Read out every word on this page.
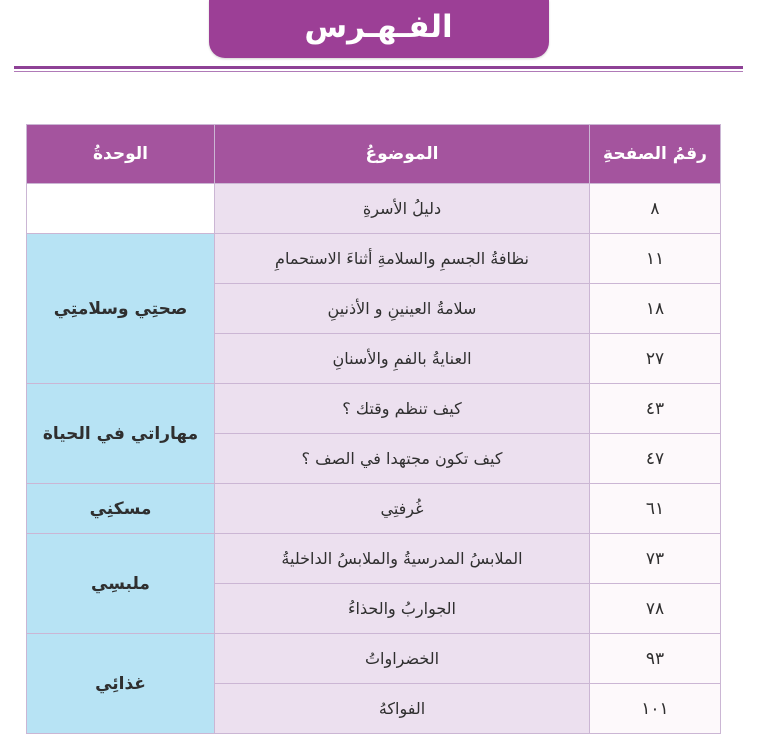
الفـهـرس
رقمُ الصفحةِ	الموضوعُ	الوحدةُ
٨	دليلُ الأسرةِ	
١١	نظافةُ الجسمِ والسلامةِ أثناءَ الاستحمامِ	صحتِي وسلامتِي
١٨	سلامةُ العينينِ و الأذنينِ	
٢٧	العنايةُ بالفمِ والأسنانِ	
٤٣	كيف تنظم وقتك ؟	مهاراتي في الحياة
٤٧	كيف تكون مجتهدا في الصف ؟	
٦١	غُرفتِي	مسكنِي
٧٣	الملابسُ المدرسيةُ والملابسُ الداخليةُ	ملبسِي
٧٨	الجواربُ والحذاءُ	
٩٣	الخضراواتُ	غذائِي
١٠١	الفواكهُ	
